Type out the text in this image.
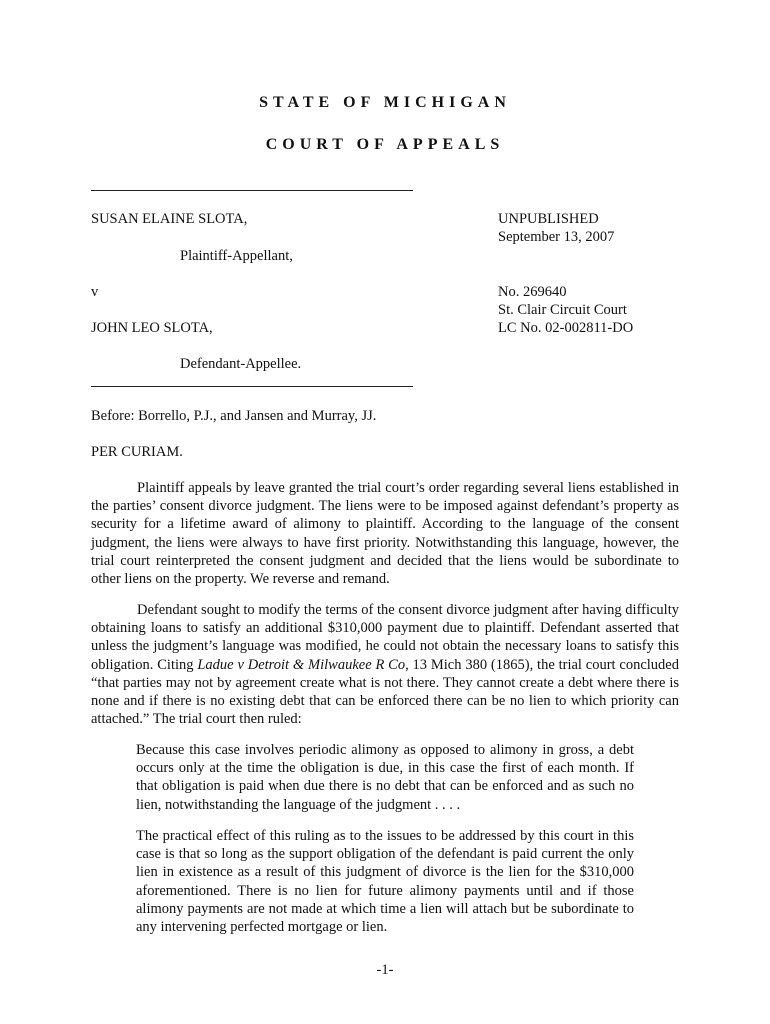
STATE OF MICHIGAN
COURT OF APPEALS
SUSAN ELAINE SLOTA,
Plaintiff-Appellant,
v
JOHN LEO SLOTA,
Defendant-Appellee.
UNPUBLISHED
September 13, 2007
No. 269640
St. Clair Circuit Court
LC No. 02-002811-DO
Before: Borrello, P.J., and Jansen and Murray, JJ.
PER CURIAM.

Plaintiff appeals by leave granted the trial court’s order regarding several liens established in the parties’ consent divorce judgment. The liens were to be imposed against defendant’s property as security for a lifetime award of alimony to plaintiff. According to the language of the consent judgment, the liens were always to have first priority. Notwithstanding this language, however, the trial court reinterpreted the consent judgment and decided that the liens would be subordinate to other liens on the property. We reverse and remand.

Defendant sought to modify the terms of the consent divorce judgment after having difficulty obtaining loans to satisfy an additional $310,000 payment due to plaintiff. Defendant asserted that unless the judgment’s language was modified, he could not obtain the necessary loans to satisfy this obligation. Citing Ladue v Detroit & Milwaukee R Co, 13 Mich 380 (1865), the trial court concluded “that parties may not by agreement create what is not there. They cannot create a debt where there is none and if there is no existing debt that can be enforced there can be no lien to which priority can attached.” The trial court then ruled:

Because this case involves periodic alimony as opposed to alimony in gross, a debt occurs only at the time the obligation is due, in this case the first of each month. If that obligation is paid when due there is no debt that can be enforced and as such no lien, notwithstanding the language of the judgment . . . .

The practical effect of this ruling as to the issues to be addressed by this court in this case is that so long as the support obligation of the defendant is paid current the only lien in existence as a result of this judgment of divorce is the lien for the $310,000 aforementioned. There is no lien for future alimony payments until and if those alimony payments are not made at which time a lien will attach but be subordinate to any intervening perfected mortgage or lien.

-1-
